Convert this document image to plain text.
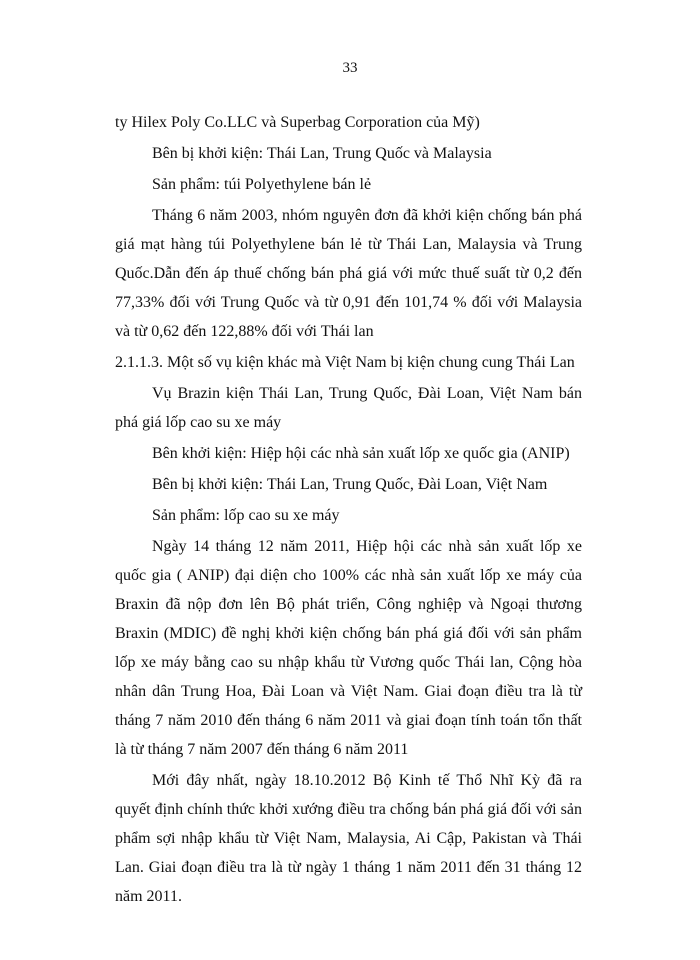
33

ty Hilex Poly Co.LLC và Superbag Corporation của Mỹ)

Bên bị khởi kiện: Thái Lan, Trung Quốc và Malaysia

Sản phẩm: túi Polyethylene bán lẻ

Tháng 6 năm 2003, nhóm nguyên đơn đã khởi kiện chống bán phá giá mạt hàng túi Polyethylene bán lẻ từ Thái Lan, Malaysia và Trung Quốc.Dẫn đến áp thuế chống bán phá giá với mức thuế suất từ 0,2 đến 77,33% đối với Trung Quốc và từ 0,91 đến 101,74 % đối với Malaysia và từ 0,62 đến 122,88% đối với Thái lan

2.1.1.3. Một số vụ kiện khác mà Việt Nam bị kiện chung cung Thái Lan

Vụ Brazin kiện Thái Lan, Trung Quốc, Đài Loan, Việt Nam bán phá giá lốp cao su xe máy

Bên khởi kiện: Hiệp hội các nhà sản xuất lốp xe quốc gia (ANIP)

Bên bị khởi kiện: Thái Lan, Trung Quốc, Đài Loan, Việt Nam

Sản phẩm: lốp cao su xe máy

Ngày 14 tháng 12 năm 2011, Hiệp hội các nhà sản xuất lốp xe quốc gia ( ANIP) đại diện cho 100% các nhà sản xuất lốp xe máy của Braxin đã nộp đơn lên Bộ phát triển, Công nghiệp và Ngoại thương Braxin (MDIC) đề nghị khởi kiện chống bán phá giá đối với sản phẩm lốp xe máy bằng cao su nhập khẩu từ Vương quốc Thái lan, Cộng hòa nhân dân Trung Hoa, Đài Loan và Việt Nam. Giai đoạn điều tra là từ tháng 7 năm 2010 đến tháng 6 năm 2011 và giai đoạn tính toán tổn thất là từ tháng 7 năm 2007 đến tháng 6 năm 2011

Mới đây nhất, ngày 18.10.2012 Bộ Kinh tế Thổ Nhĩ Kỳ đã ra quyết định chính thức khởi xướng điều tra chống bán phá giá đối với sản phẩm sợi nhập khẩu từ Việt Nam, Malaysia, Ai Cập, Pakistan và Thái Lan. Giai đoạn điều tra là từ ngày 1 tháng 1 năm 2011 đến 31 tháng 12 năm 2011.
